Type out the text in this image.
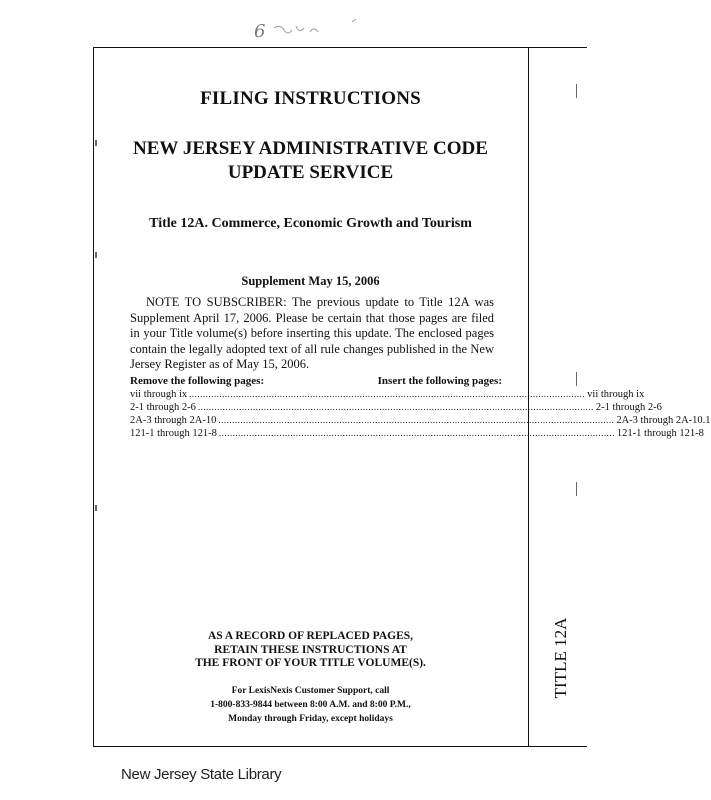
6
TITLE 12A
FILING INSTRUCTIONS
NEW JERSEY ADMINISTRATIVE CODE
UPDATE SERVICE
Title 12A. Commerce, Economic Growth and Tourism
Supplement May 15, 2006
NOTE TO SUBSCRIBER: The previous update to Title 12A was Supplement April 17, 2006. Please be certain that those pages are filed in your Title volume(s) before inserting this update. The enclosed pages contain the legally adopted text of all rule changes published in the New Jersey Register as of May 15, 2006.
Remove the following pages:	Insert the following pages:
vii through ix ................................................................................................................................................ vii through ix
2-1 through 2-6 ................................................................................................................................................ 2-1 through 2-6
2A-3 through 2A-10 ................................................................................................................................................ 2A-3 through 2A-10.1
121-1 through 121-8 ................................................................................................................................................ 121-1 through 121-8
AS A RECORD OF REPLACED PAGES,
RETAIN THESE INSTRUCTIONS AT
THE FRONT OF YOUR TITLE VOLUME(S).
For LexisNexis Customer Support, call
1-800-833-9844 between 8:00 A.M. and 8:00 P.M.,
Monday through Friday, except holidays
New Jersey State Library
